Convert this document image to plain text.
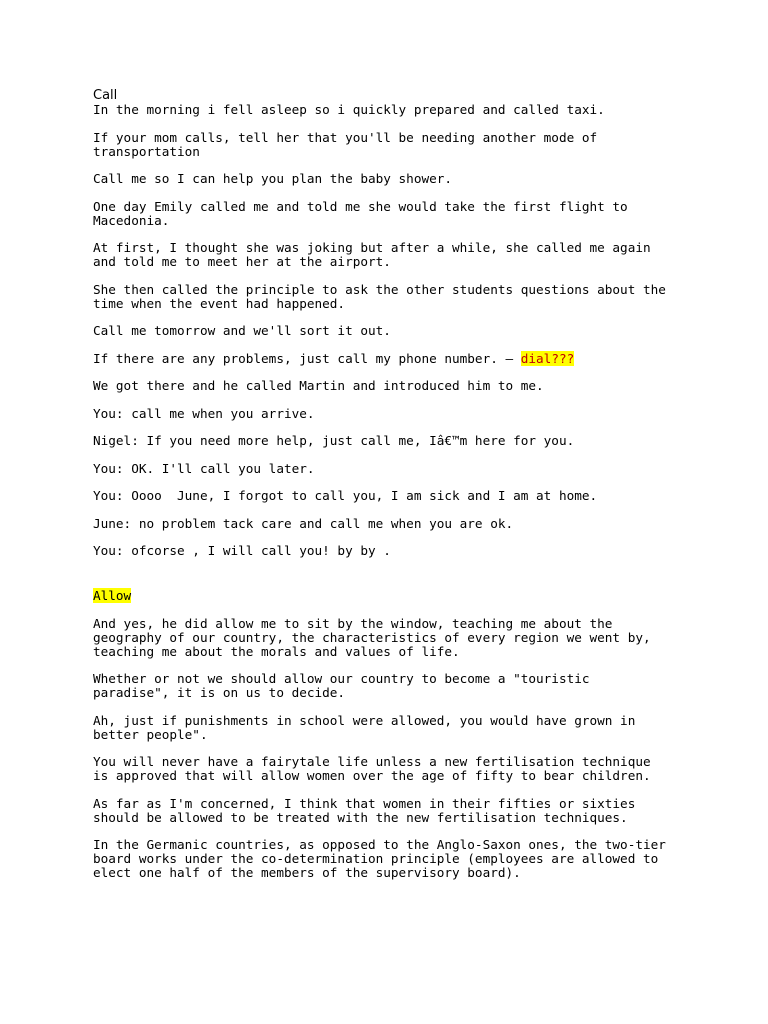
Call

In the morning i fell asleep so i quickly prepared and called taxi.

If your mom calls, tell her that you'll be needing another mode of
transportation

Call me so I can help you plan the baby shower.

One day Emily called me and told me she would take the first flight to
Macedonia.

At first, I thought she was joking but after a while, she called me again
and told me to meet her at the airport.

She then called the principle to ask the other students questions about the
time when the event had happened.

Call me tomorrow and we'll sort it out.

If there are any problems, just call my phone number. – dial???

We got there and he called Martin and introduced him to me.

You: call me when you arrive.

Nigel: If you need more help, just call me, Iâ€™m here for you.

You: OK. I'll call you later.

You: Oooo  June, I forgot to call you, I am sick and I am at home.

June: no problem tack care and call me when you are ok.

You: ofcorse , I will call you! by by .

Allow

And yes, he did allow me to sit by the window, teaching me about the
geography of our country, the characteristics of every region we went by,
teaching me about the morals and values of life.

Whether or not we should allow our country to become a "touristic
paradise", it is on us to decide.

Ah, just if punishments in school were allowed, you would have grown in
better people".

You will never have a fairytale life unless a new fertilisation technique
is approved that will allow women over the age of fifty to bear children.

As far as I'm concerned, I think that women in their fifties or sixties
should be allowed to be treated with the new fertilisation techniques.

In the Germanic countries, as opposed to the Anglo-Saxon ones, the two-tier
board works under the co-determination principle (employees are allowed to
elect one half of the members of the supervisory board).
